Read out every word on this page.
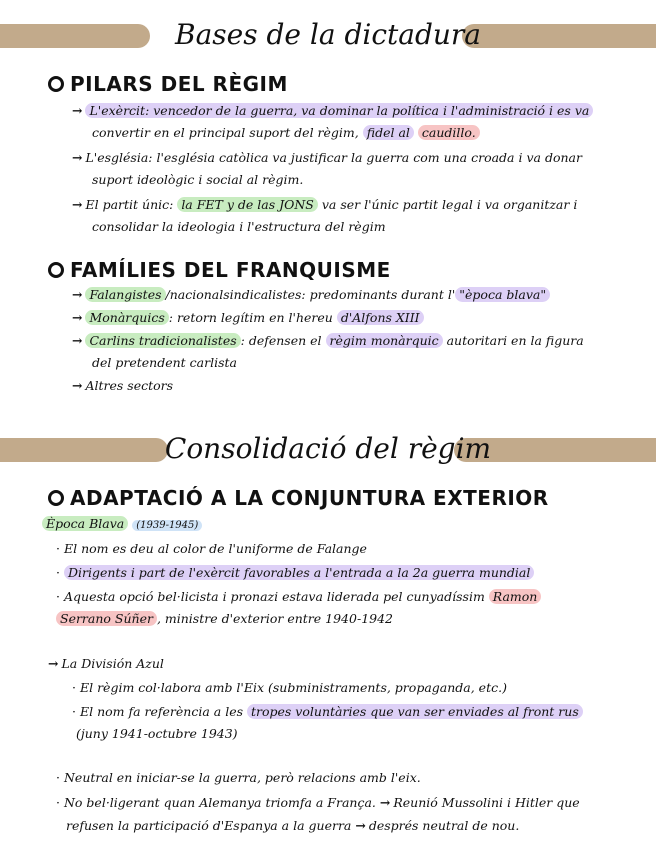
Bases de la dictadura
PILARS DEL RÈGIM
→ L'exèrcit: vencedor de la guerra, va dominar la política i l'administració i es va
convertir en el principal suport del règim, fidel al caudillo.
→ L'església: l'església catòlica va justificar la guerra com una croada i va donar
suport ideològic i social al règim.
→ El partit únic: la FET y de las JONS va ser l'únic partit legal i va organitzar i
consolidar la ideologia i l'estructura del règim
FAMÍLIES DEL FRANQUISME
→ Falangistes /nacionalsindicalistes: predominants durant l' "època blava"
→ Monàrquics : retorn legítim en l'hereu d'Alfons XIII
→ Carlins tradicionalistes : defensen el règim monàrquic autoritari en la figura
del pretendent carlista
→ Altres sectors
Consolidació del règim
ADAPTACIÓ A LA CONJUNTURA EXTERIOR
Època Blava (1939-1945)
· El nom es deu al color de l'uniforme de Falange
· Dirigents i part de l'exèrcit favorables a l'entrada a la 2a guerra mundial
· Aquesta opció bel·licista i pronazi estava liderada pel cunyadíssim Ramon
Serrano Súñer , ministre d'exterior entre 1940-1942
→ La División Azul
· El règim col·labora amb l'Eix (subministraments, propaganda, etc.)
· El nom fa referència a les tropes voluntàries que van ser enviades al front rus
(juny 1941-octubre 1943)
· Neutral en iniciar-se la guerra, però relacions amb l'eix.
· No bel·ligerant quan Alemanya triomfa a França. → Reunió Mussolini i Hitler que
refusen la participació d'Espanya a la guerra → després neutral de nou.
